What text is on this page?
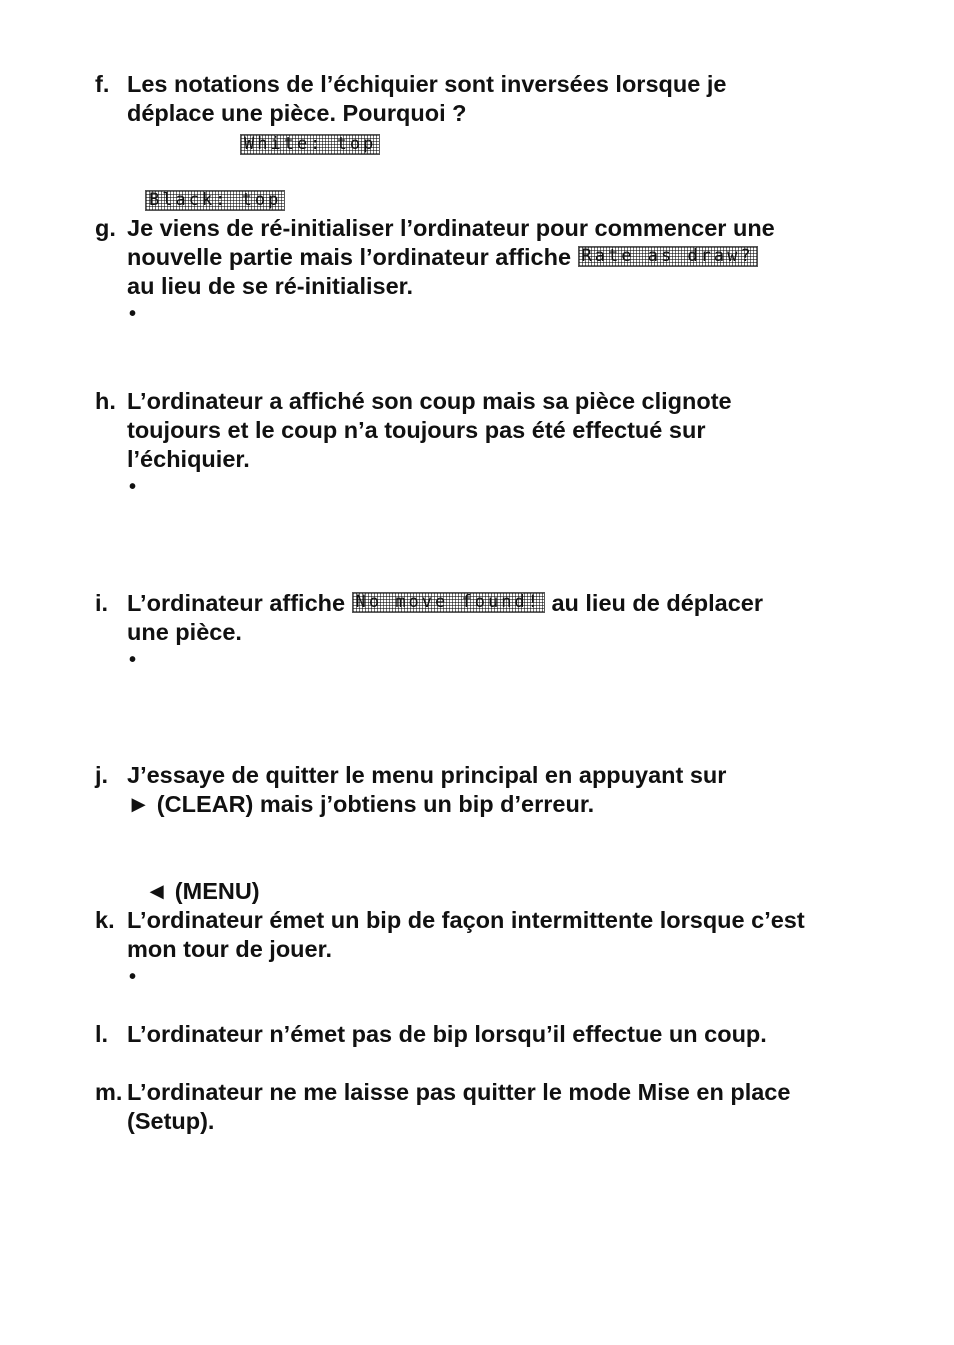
f. Les notations de l’échiquier sont inversées lorsque je
déplace une pièce. Pourquoi ?
White: top
Black: top
g. Je viens de ré-initialiser l’ordinateur pour commencer une
nouvelle partie mais l’ordinateur affiche Rate as draw?
au lieu de se ré-initialiser.
•
h. L’ordinateur a affiché son coup mais sa pièce clignote
toujours et le coup n’a toujours pas été effectué sur
l’échiquier.
•
i. L’ordinateur affiche No move found! au lieu de déplacer
une pièce.
•
j. J’essaye de quitter le menu principal en appuyant sur
► (CLEAR) mais j’obtiens un bip d’erreur.
◄ (MENU)
k. L’ordinateur émet un bip de façon intermittente lorsque c’est
mon tour de jouer.
•
l. L’ordinateur n’émet pas de bip lorsqu’il effectue un coup.
m. L’ordinateur ne me laisse pas quitter le mode Mise en place
(Setup).
